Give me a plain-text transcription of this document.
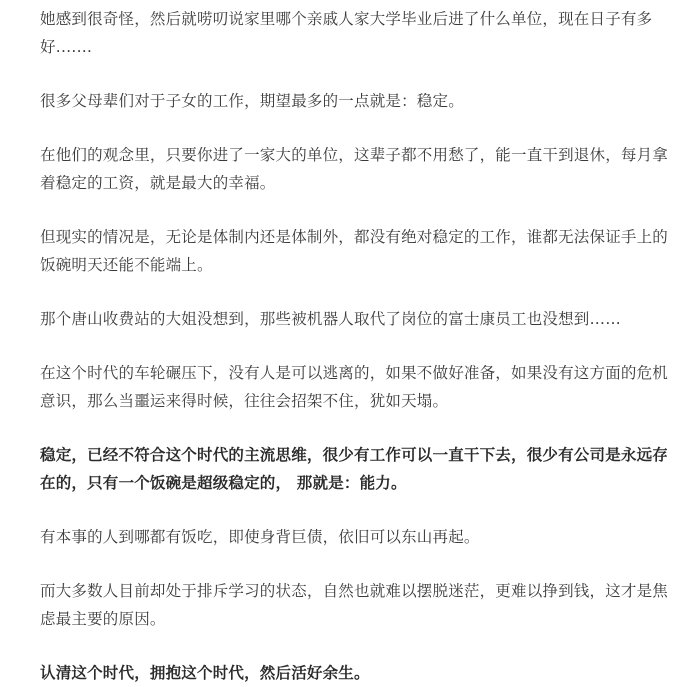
她感到很奇怪，然后就唠叨说家里哪个亲戚人家大学毕业后进了什么单位，现在日子有多好.……

很多父母辈们对于子女的工作，期望最多的一点就是：稳定。

在他们的观念里，只要你进了一家大的单位，这辈子都不用愁了，能一直干到退休，每月拿着稳定的工资，就是最大的幸福。

但现实的情况是，无论是体制内还是体制外，都没有绝对稳定的工作，谁都无法保证手上的饭碗明天还能不能端上。

那个唐山收费站的大姐没想到，那些被机器人取代了岗位的富士康员工也没想到……

在这个时代的车轮碾压下，没有人是可以逃离的，如果不做好准备，如果没有这方面的危机意识，那么当噩运来得时候，往往会招架不住，犹如天塌。

稳定，已经不符合这个时代的主流思维，很少有工作可以一直干下去，很少有公司是永远存在的，只有一个饭碗是超级稳定的， 那就是：能力。

有本事的人到哪都有饭吃，即使身背巨债，依旧可以东山再起。

而大多数人目前却处于排斥学习的状态，自然也就难以摆脱迷茫，更难以挣到钱，这才是焦虑最主要的原因。

认清这个时代，拥抱这个时代，然后活好余生。
